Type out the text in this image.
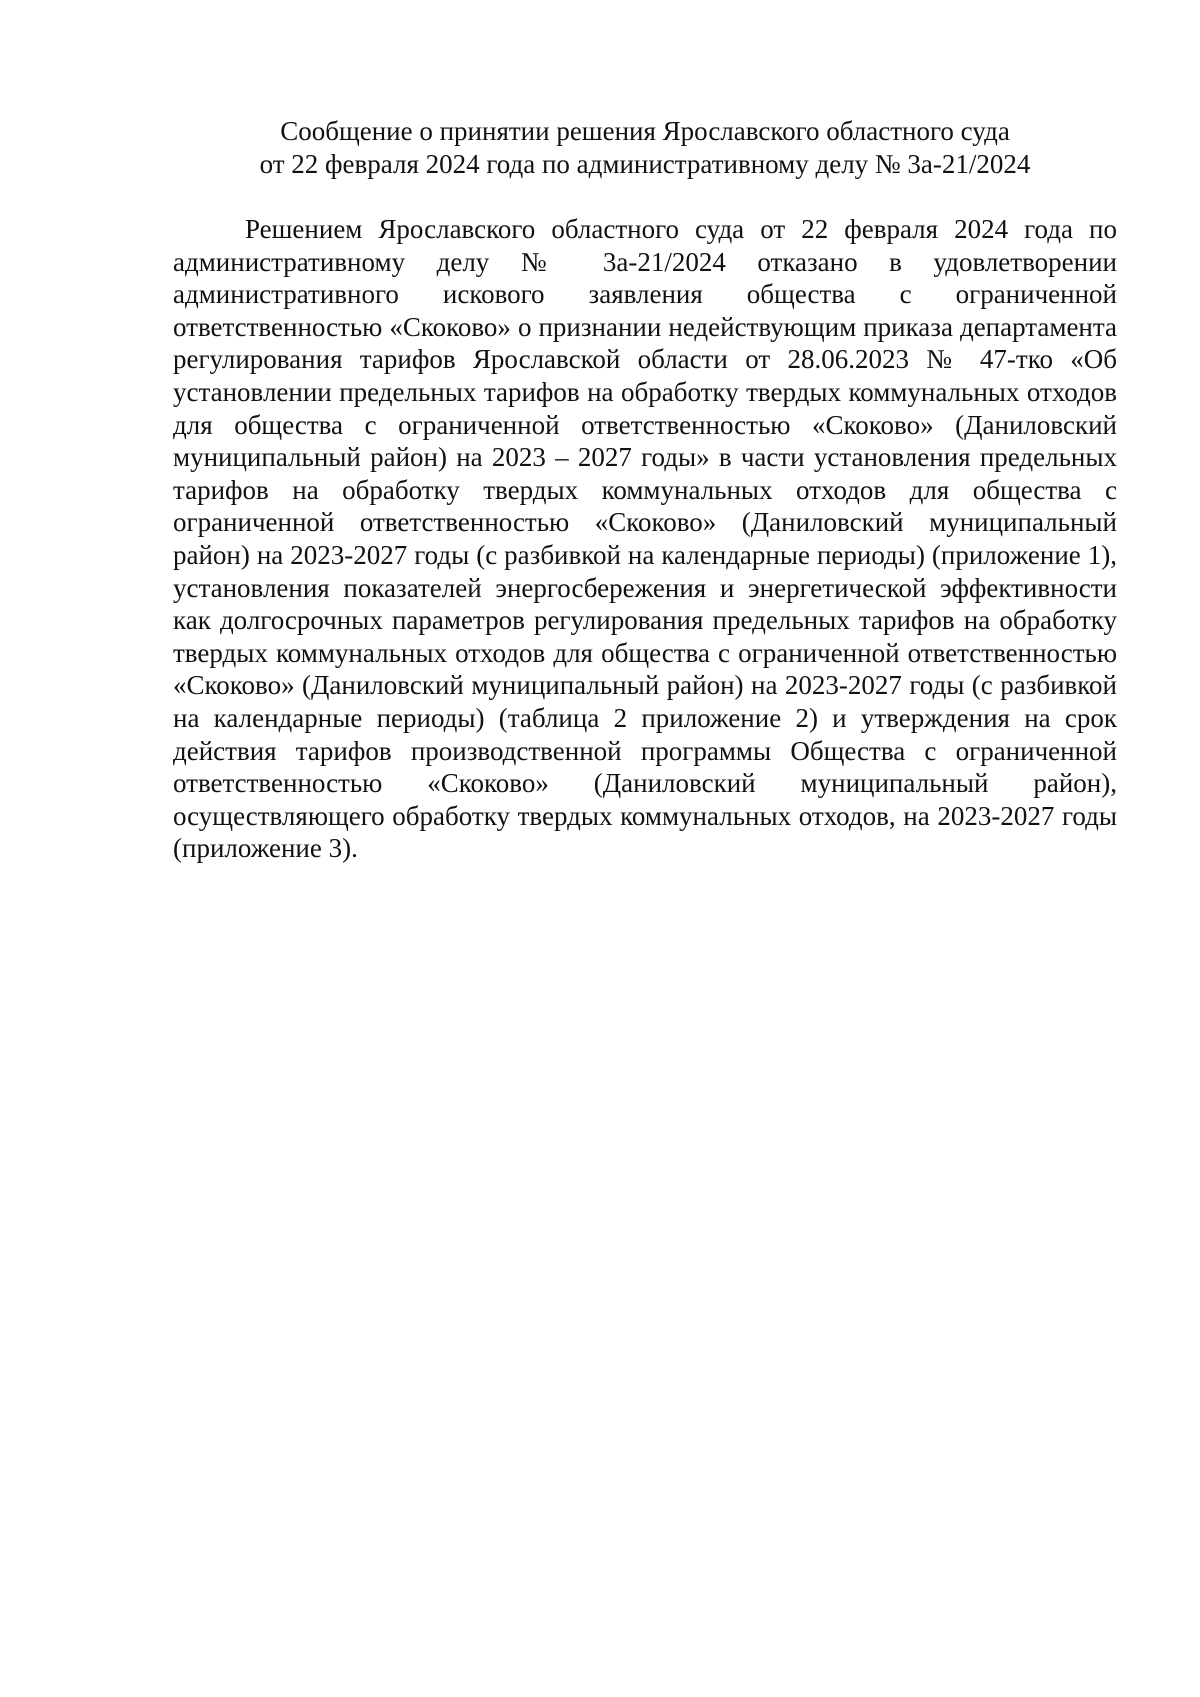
Сообщение о принятии решения Ярославского областного суда
от 22 февраля 2024 года по административному делу № 3а-21/2024

Решением Ярославского областного суда от 22 февраля 2024 года по административному делу № 3а-21/2024 отказано в удовлетворении административного искового заявления общества с ограниченной ответственностью «Скоково» о признании недействующим приказа департамента регулирования тарифов Ярославской области от 28.06.2023 № 47-тко «Об установлении предельных тарифов на обработку твердых коммунальных отходов для общества с ограниченной ответственностью «Скоково» (Даниловский муниципальный район) на 2023 – 2027 годы» в части установления предельных тарифов на обработку твердых коммунальных отходов для общества с ограниченной ответственностью «Скоково» (Даниловский муниципальный район) на 2023-2027 годы (с разбивкой на календарные периоды) (приложение 1), установления показателей энергосбережения и энергетической эффективности как долгосрочных параметров регулирования предельных тарифов на обработку твердых коммунальных отходов для общества с ограниченной ответственностью «Скоково» (Даниловский муниципальный район) на 2023-2027 годы (с разбивкой на календарные периоды) (таблица 2 приложение 2) и утверждения на срок действия тарифов производственной программы Общества с ограниченной ответственностью «Скоково» (Даниловский муниципальный район), осуществляющего обработку твердых коммунальных отходов, на 2023-2027 годы (приложение 3).
